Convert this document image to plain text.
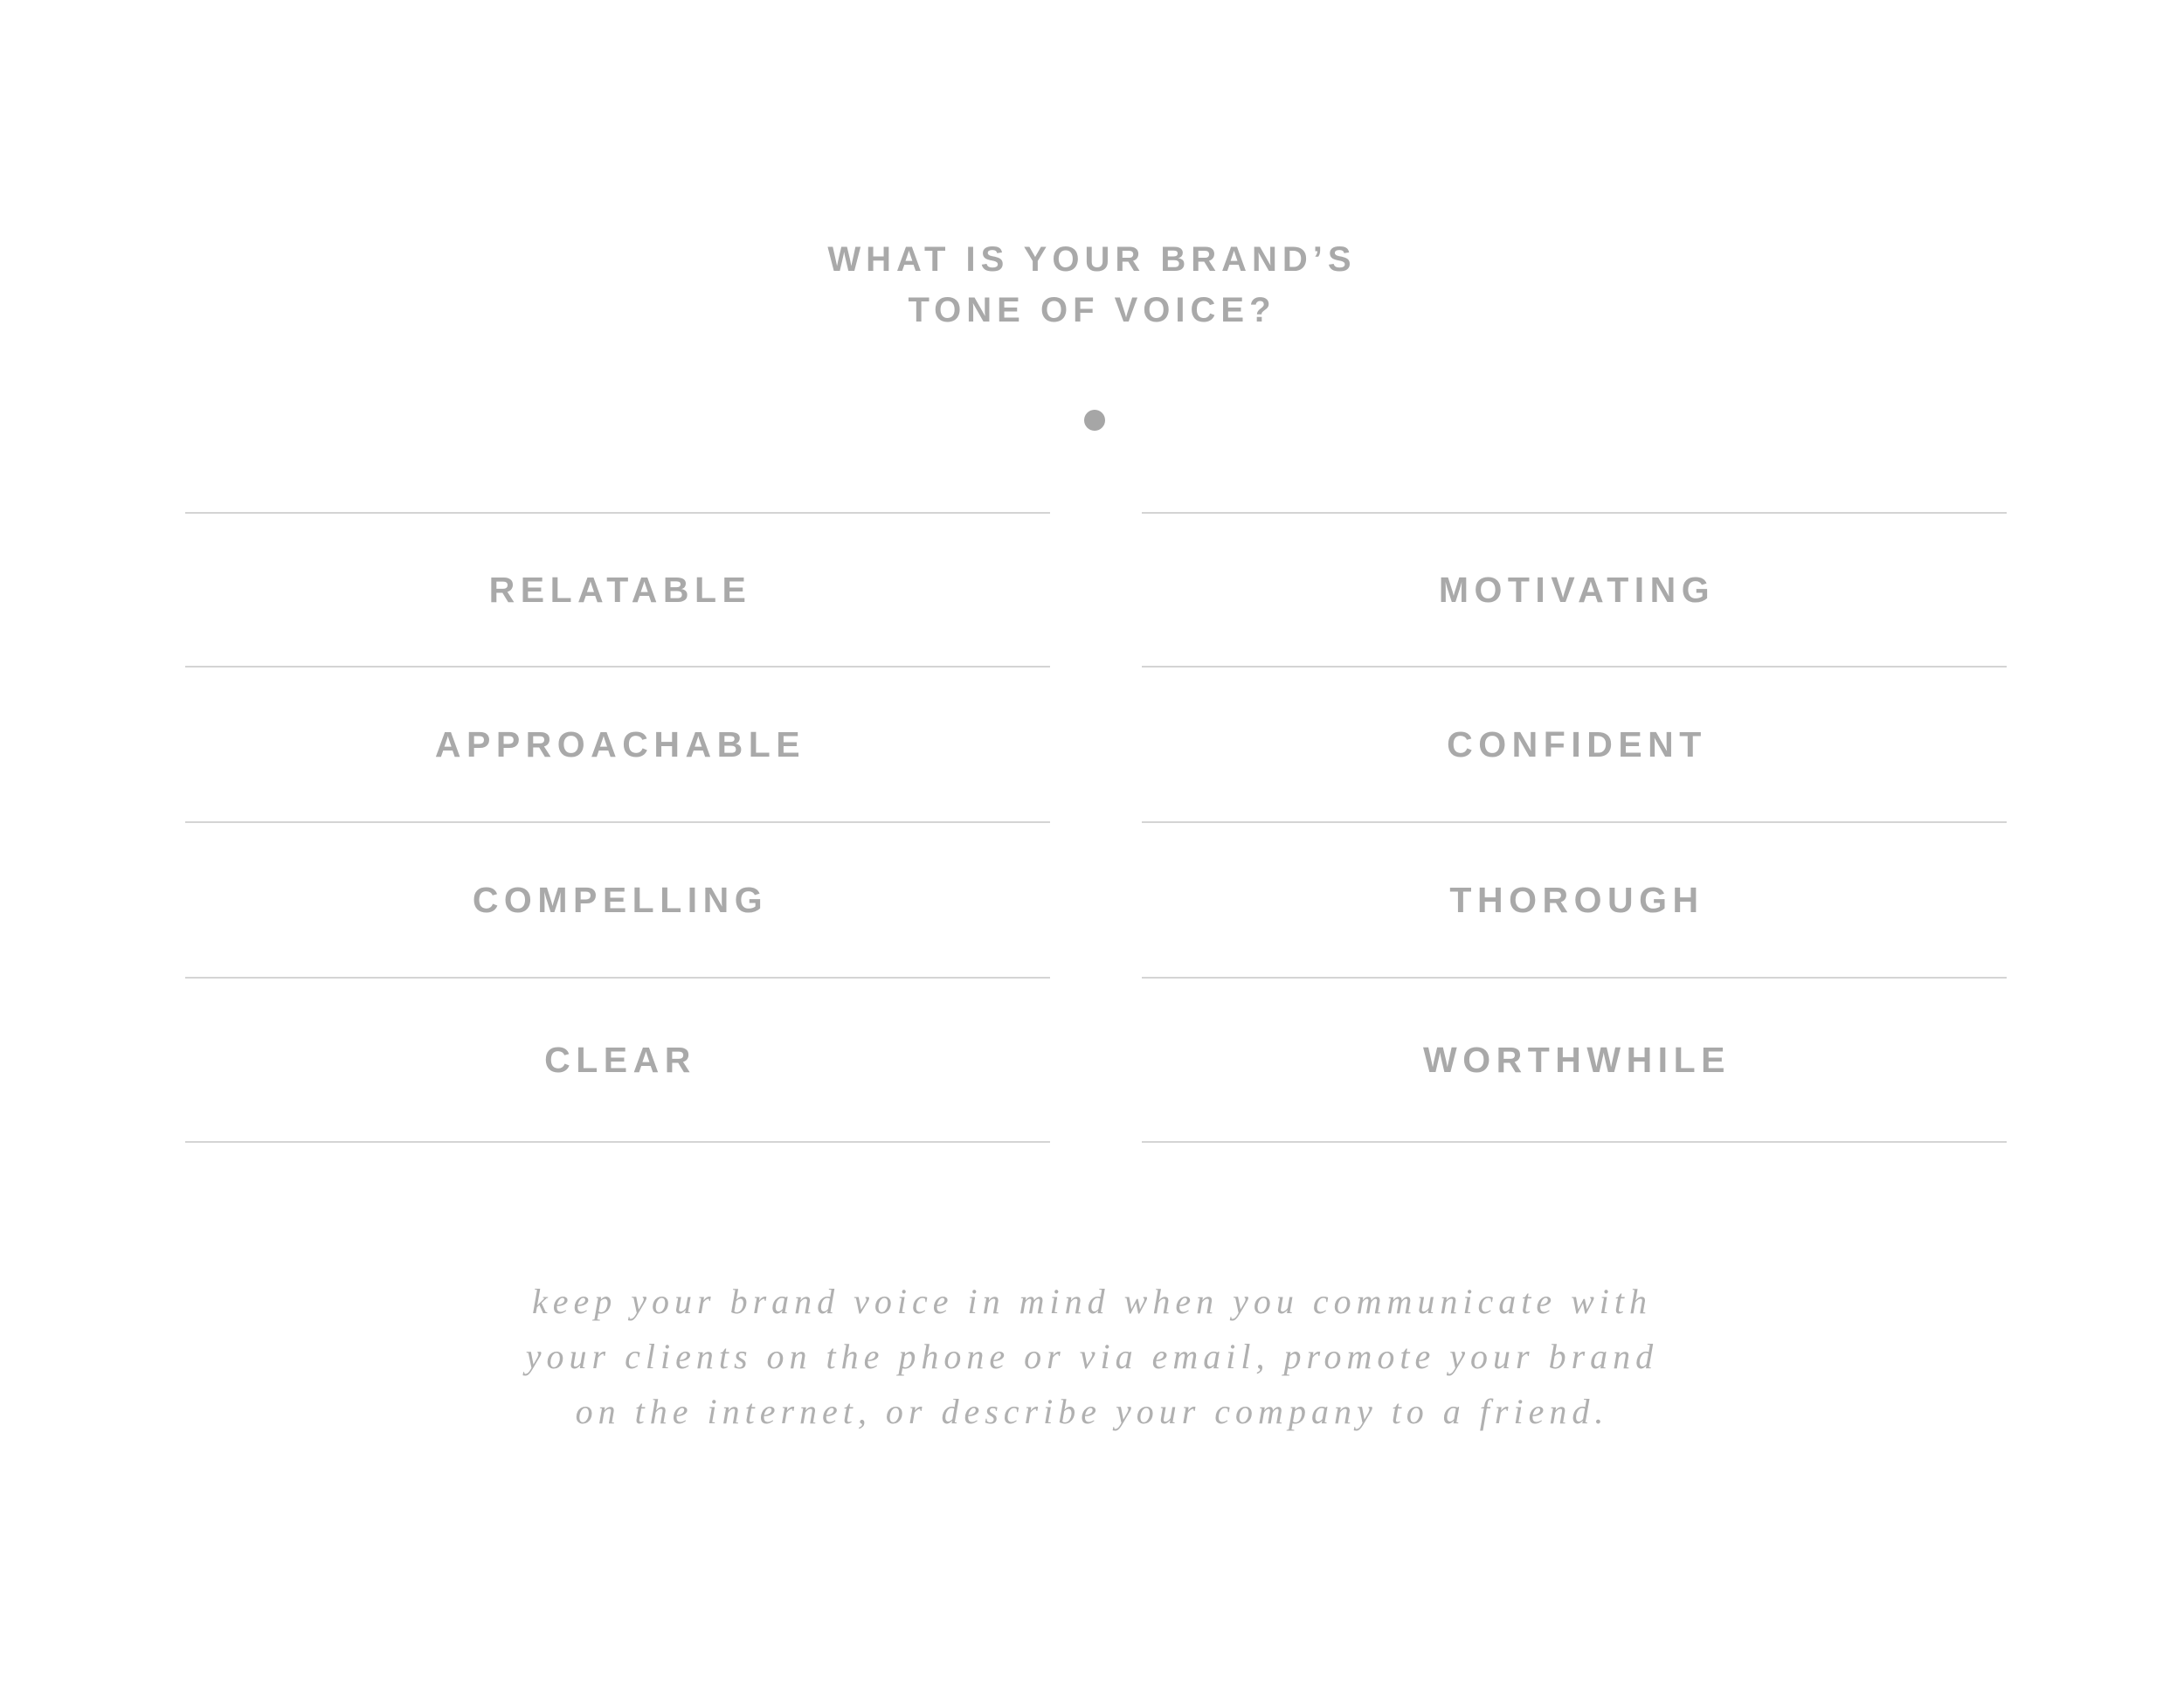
WHAT IS YOUR BRAND’S
TONE OF VOICE?
RELATABLE
APPROACHABLE
COMPELLING
CLEAR
MOTIVATING
CONFIDENT
THOROUGH
WORTHWHILE
keep your brand voice in mind when you communicate with
your clients on the phone or via email, promote your brand
on the internet, or describe your company to a friend.
